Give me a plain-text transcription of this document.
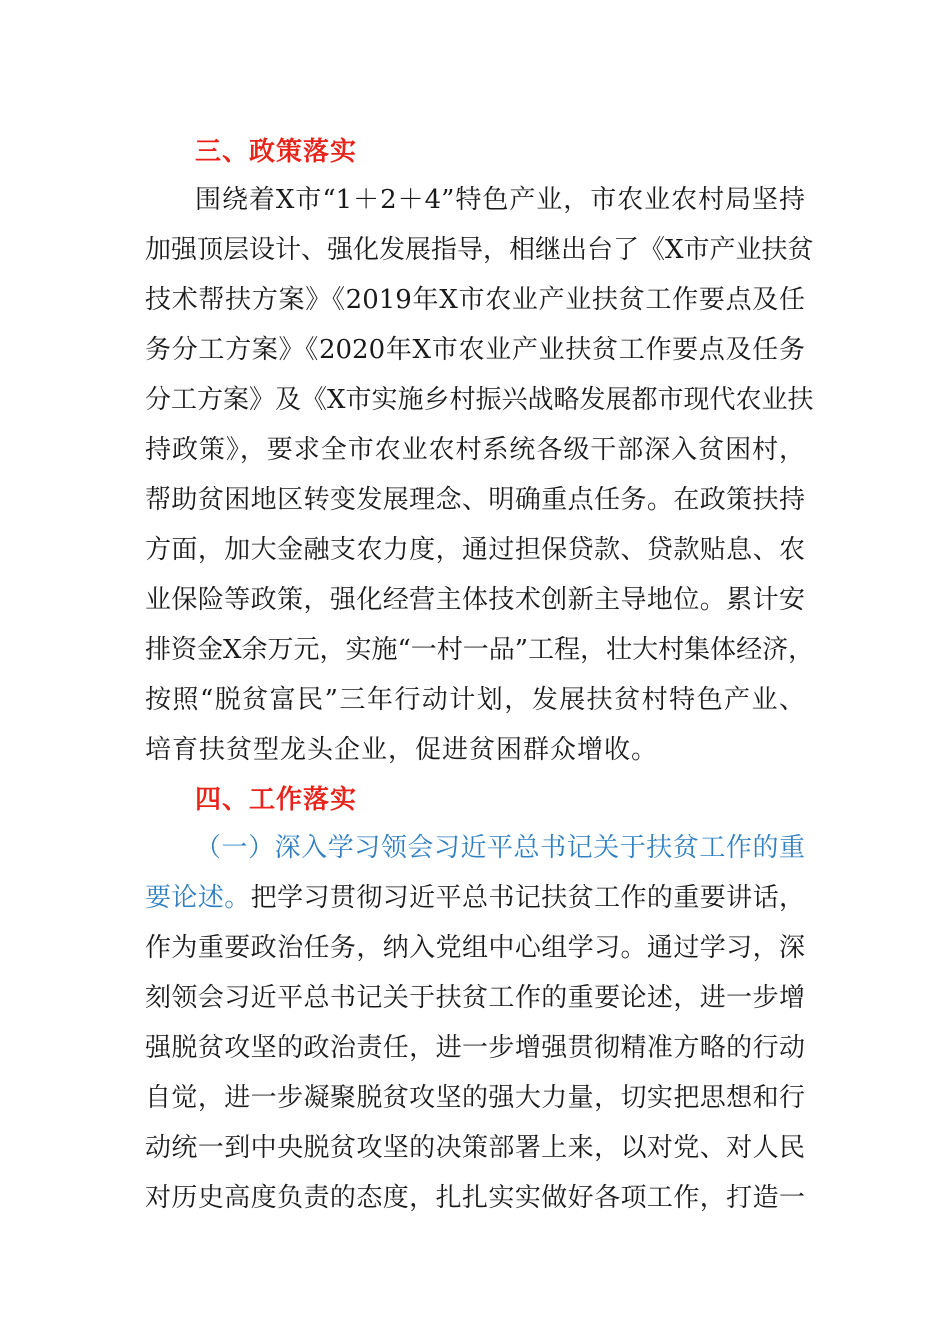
三、政策落实
围绕着X市“1＋2＋4”特色产业，市农业农村局坚持
加强顶层设计、强化发展指导，相继出台了《X市产业扶贫
技术帮扶方案》《2019年X市农业产业扶贫工作要点及任
务分工方案》《2020年X市农业产业扶贫工作要点及任务
分工方案》及《X市实施乡村振兴战略发展都市现代农业扶
持政策》，要求全市农业农村系统各级干部深入贫困村，
帮助贫困地区转变发展理念、明确重点任务。在政策扶持
方面，加大金融支农力度，通过担保贷款、贷款贴息、农
业保险等政策，强化经营主体技术创新主导地位。累计安
排资金X余万元，实施“一村一品”工程，壮大村集体经济，
按照“脱贫富民”三年行动计划，发展扶贫村特色产业、
培育扶贫型龙头企业，促进贫困群众增收。
四、工作落实
（一）深入学习领会习近平总书记关于扶贫工作的重
要论述。把学习贯彻习近平总书记扶贫工作的重要讲话，
作为重要政治任务，纳入党组中心组学习。通过学习，深
刻领会习近平总书记关于扶贫工作的重要论述，进一步增
强脱贫攻坚的政治责任，进一步增强贯彻精准方略的行动
自觉，进一步凝聚脱贫攻坚的强大力量，切实把思想和行
动统一到中央脱贫攻坚的决策部署上来，以对党、对人民
对历史高度负责的态度，扎扎实实做好各项工作，打造一
